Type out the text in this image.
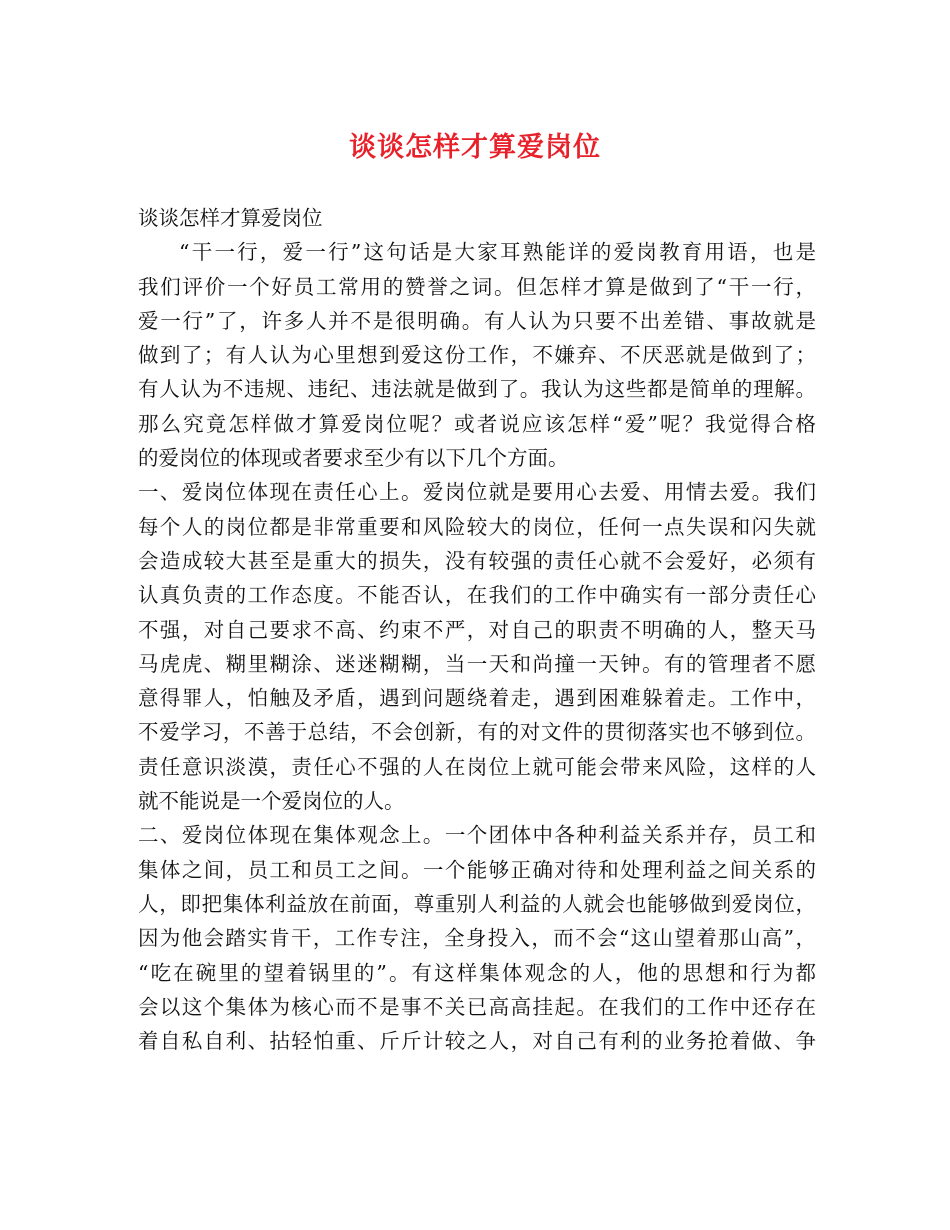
谈谈怎样才算爱岗位
谈谈怎样才算爱岗位
“干一行，爱一行”这句话是大家耳熟能详的爱岗教育用语，也是
我们评价一个好员工常用的赞誉之词。但怎样才算是做到了“干一行，
爱一行”了，许多人并不是很明确。有人认为只要不出差错、事故就是
做到了；有人认为心里想到爱这份工作，不嫌弃、不厌恶就是做到了；
有人认为不违规、违纪、违法就是做到了。我认为这些都是简单的理解。
那么究竟怎样做才算爱岗位呢？或者说应该怎样“爱”呢？我觉得合格
的爱岗位的体现或者要求至少有以下几个方面。
一、爱岗位体现在责任心上。爱岗位就是要用心去爱、用情去爱。我们
每个人的岗位都是非常重要和风险较大的岗位，任何一点失误和闪失就
会造成较大甚至是重大的损失，没有较强的责任心就不会爱好，必须有
认真负责的工作态度。不能否认，在我们的工作中确实有一部分责任心
不强，对自己要求不高、约束不严，对自己的职责不明确的人，整天马
马虎虎、糊里糊涂、迷迷糊糊，当一天和尚撞一天钟。有的管理者不愿
意得罪人，怕触及矛盾，遇到问题绕着走，遇到困难躲着走。工作中，
不爱学习，不善于总结，不会创新，有的对文件的贯彻落实也不够到位。
责任意识淡漠，责任心不强的人在岗位上就可能会带来风险，这样的人
就不能说是一个爱岗位的人。
二、爱岗位体现在集体观念上。一个团体中各种利益关系并存，员工和
集体之间，员工和员工之间。一个能够正确对待和处理利益之间关系的
人，即把集体利益放在前面，尊重别人利益的人就会也能够做到爱岗位，
因为他会踏实肯干，工作专注，全身投入，而不会“这山望着那山高”，
“吃在碗里的望着锅里的”。有这样集体观念的人，他的思想和行为都
会以这个集体为核心而不是事不关已高高挂起。在我们的工作中还存在
着自私自利、拈轻怕重、斤斤计较之人，对自己有利的业务抢着做、争
